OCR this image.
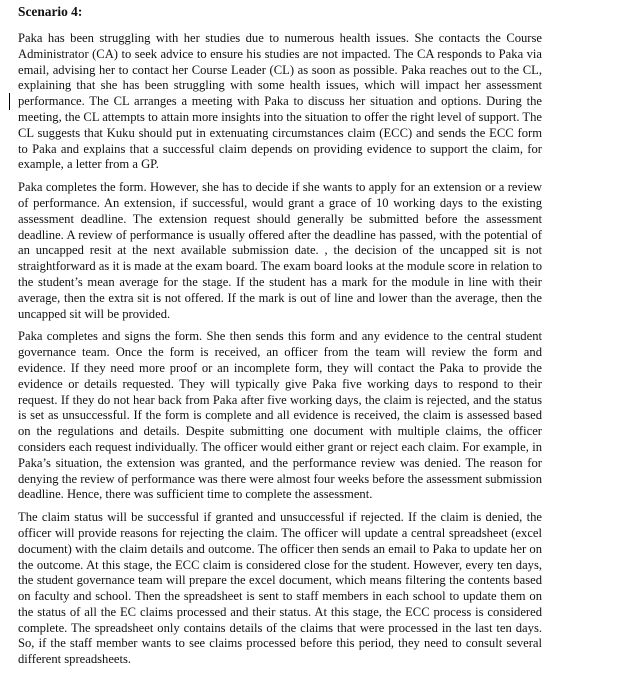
Scenario 4:

Paka has been struggling with her studies due to numerous health issues. She contacts the Course Administrator (CA) to seek advice to ensure his studies are not impacted. The CA responds to Paka via email, advising her to contact her Course Leader (CL) as soon as possible. Paka reaches out to the CL, explaining that she has been struggling with some health issues, which will impact her assessment performance. The CL arranges a meeting with Paka to discuss her situation and options. During the meeting, the CL attempts to attain more insights into the situation to offer the right level of support. The CL suggests that Kuku should put in extenuating circumstances claim (ECC) and sends the ECC form to Paka and explains that a successful claim depends on providing evidence to support the claim, for example, a letter from a GP.

Paka completes the form. However, she has to decide if she wants to apply for an extension or a review of performance. An extension, if successful, would grant a grace of 10 working days to the existing assessment deadline. The extension request should generally be submitted before the assessment deadline. A review of performance is usually offered after the deadline has passed, with the potential of an uncapped resit at the next available submission date. , the decision of the uncapped sit is not straightforward as it is made at the exam board. The exam board looks at the module score in relation to the student’s mean average for the stage. If the student has a mark for the module in line with their average, then the extra sit is not offered. If the mark is out of line and lower than the average, then the uncapped sit will be provided.

Paka completes and signs the form. She then sends this form and any evidence to the central student governance team. Once the form is received, an officer from the team will review the form and evidence. If they need more proof or an incomplete form, they will contact the Paka to provide the evidence or details requested. They will typically give Paka five working days to respond to their request. If they do not hear back from Paka after five working days, the claim is rejected, and the status is set as unsuccessful. If the form is complete and all evidence is received, the claim is assessed based on the regulations and details. Despite submitting one document with multiple claims, the officer considers each request individually. The officer would either grant or reject each claim. For example, in Paka’s situation, the extension was granted, and the performance review was denied. The reason for denying the review of performance was there were almost four weeks before the assessment submission deadline. Hence, there was sufficient time to complete the assessment.

The claim status will be successful if granted and unsuccessful if rejected. If the claim is denied, the officer will provide reasons for rejecting the claim. The officer will update a central spreadsheet (excel document) with the claim details and outcome. The officer then sends an email to Paka to update her on the outcome. At this stage, the ECC claim is considered close for the student. However, every ten days, the student governance team will prepare the excel document, which means filtering the contents based on faculty and school. Then the spreadsheet is sent to staff members in each school to update them on the status of all the EC claims processed and their status. At this stage, the ECC process is considered complete. The spreadsheet only contains details of the claims that were processed in the last ten days. So, if the staff member wants to see claims processed before this period, they need to consult several different spreadsheets.
